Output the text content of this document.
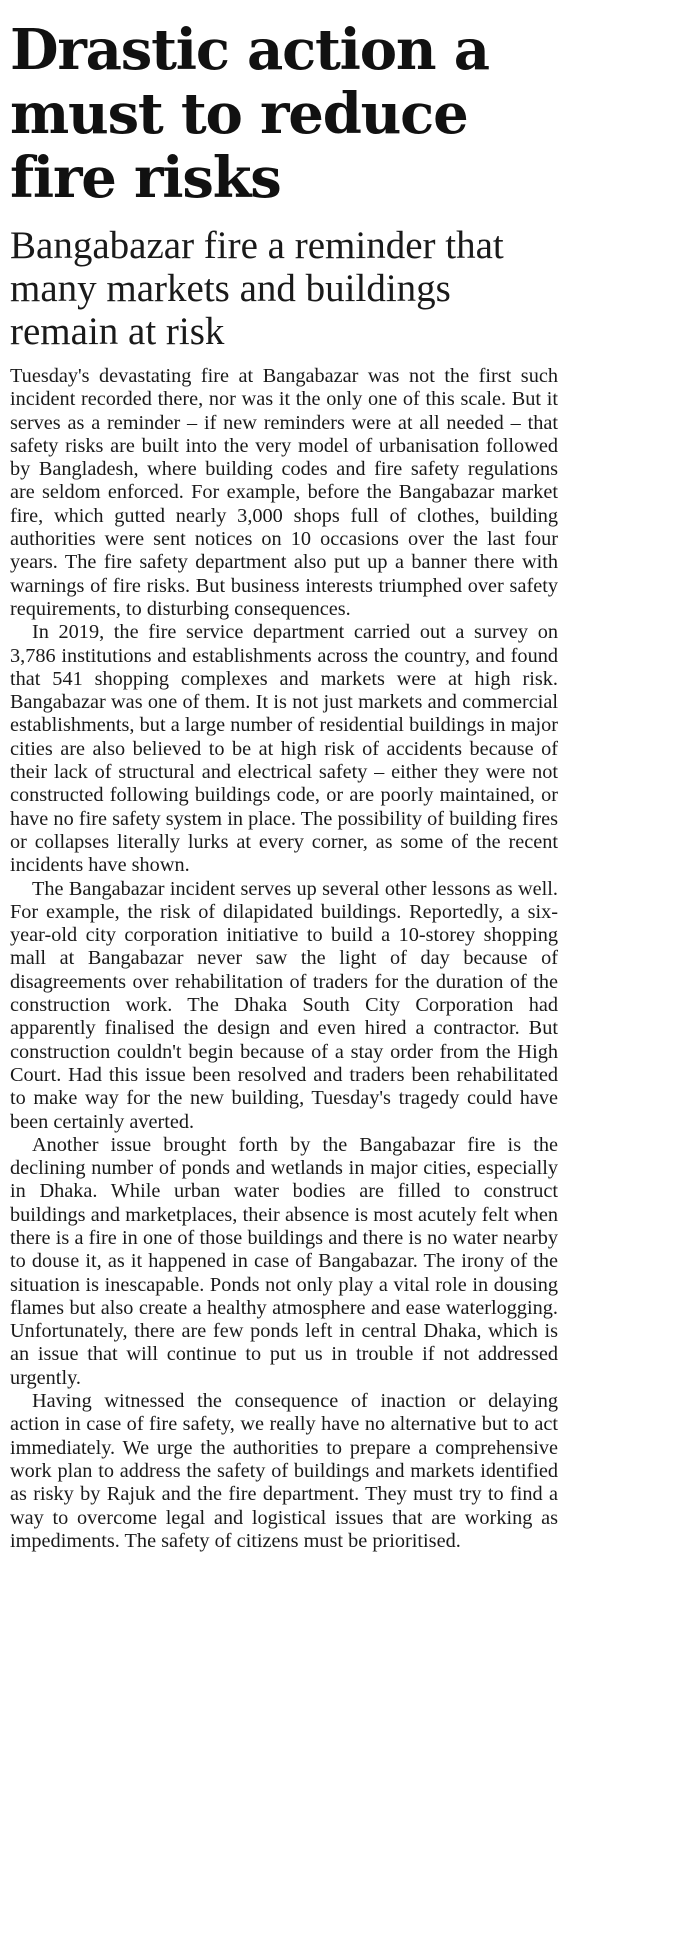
Drastic action a must to reduce fire risks
Bangabazar fire a reminder that many markets and buildings remain at risk

Tuesday's devastating fire at Bangabazar was not the first such incident recorded there, nor was it the only one of this scale. But it serves as a reminder – if new reminders were at all needed – that safety risks are built into the very model of urbanisation followed by Bangladesh, where building codes and fire safety regulations are seldom enforced. For example, before the Bangabazar market fire, which gutted nearly 3,000 shops full of clothes, building authorities were sent notices on 10 occasions over the last four years. The fire safety department also put up a banner there with warnings of fire risks. But business interests triumphed over safety requirements, to disturbing consequences.

In 2019, the fire service department carried out a survey on 3,786 institutions and establishments across the country, and found that 541 shopping complexes and markets were at high risk. Bangabazar was one of them. It is not just markets and commercial establishments, but a large number of residential buildings in major cities are also believed to be at high risk of accidents because of their lack of structural and electrical safety – either they were not constructed following buildings code, or are poorly maintained, or have no fire safety system in place. The possibility of building fires or collapses literally lurks at every corner, as some of the recent incidents have shown.

The Bangabazar incident serves up several other lessons as well. For example, the risk of dilapidated buildings. Reportedly, a six-year-old city corporation initiative to build a 10-storey shopping mall at Bangabazar never saw the light of day because of disagreements over rehabilitation of traders for the duration of the construction work. The Dhaka South City Corporation had apparently finalised the design and even hired a contractor. But construction couldn't begin because of a stay order from the High Court. Had this issue been resolved and traders been rehabilitated to make way for the new building, Tuesday's tragedy could have been certainly averted.

Another issue brought forth by the Bangabazar fire is the declining number of ponds and wetlands in major cities, especially in Dhaka. While urban water bodies are filled to construct buildings and marketplaces, their absence is most acutely felt when there is a fire in one of those buildings and there is no water nearby to douse it, as it happened in case of Bangabazar. The irony of the situation is inescapable. Ponds not only play a vital role in dousing flames but also create a healthy atmosphere and ease waterlogging. Unfortunately, there are few ponds left in central Dhaka, which is an issue that will continue to put us in trouble if not addressed urgently.

Having witnessed the consequence of inaction or delaying action in case of fire safety, we really have no alternative but to act immediately. We urge the authorities to prepare a comprehensive work plan to address the safety of buildings and markets identified as risky by Rajuk and the fire department. They must try to find a way to overcome legal and logistical issues that are working as impediments. The safety of citizens must be prioritised.
